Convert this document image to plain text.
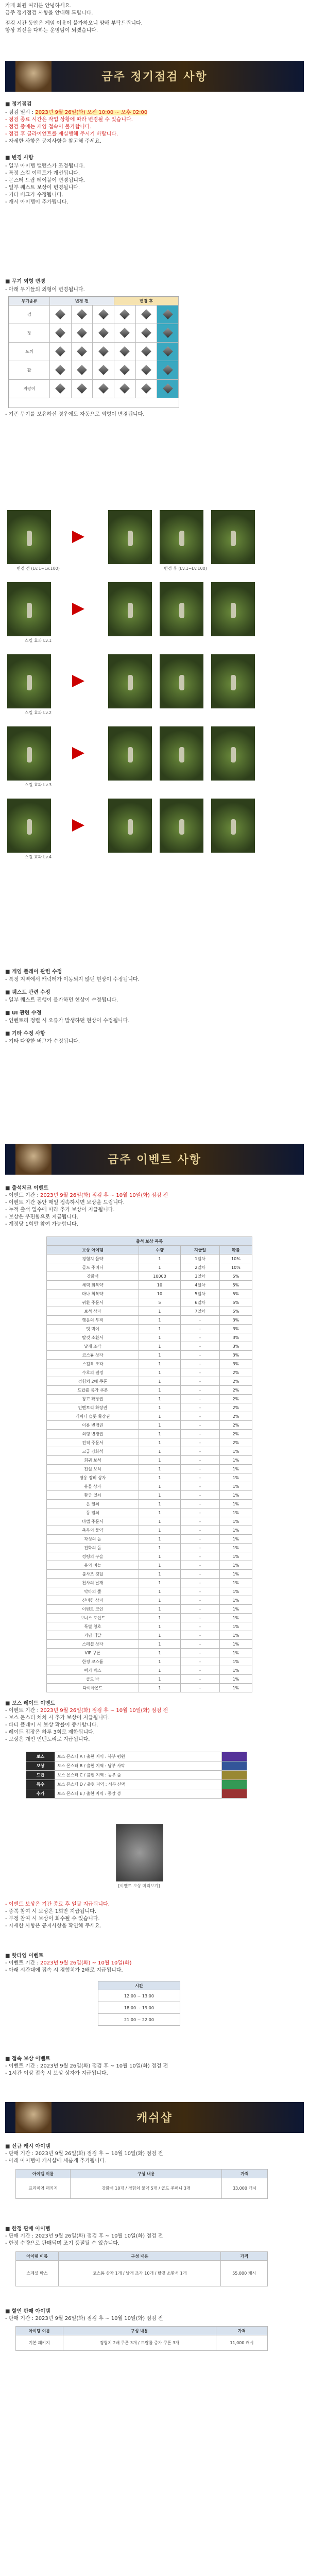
카페 회원 여러분 안녕하세요.
금주 정기점검 사항을 안내해 드립니다.
점검 시간 동안은 게임 이용이 불가하오니 양해 부탁드립니다.
항상 최선을 다하는 운영팀이 되겠습니다.
금주 정기점검 사항
■ 정기점검
- 점검 일시 : 2023년 9월 26일(화) 오전 10:00 ~ 오후 02:00
- 점검 종료 시간은 작업 상황에 따라 변경될 수 있습니다.
- 점검 중에는 게임 접속이 불가합니다.
- 점검 후 클라이언트를 재실행해 주시기 바랍니다.
- 자세한 사항은 공지사항을 참고해 주세요.
■ 변경 사항
- 일부 아이템 밸런스가 조정됩니다.
- 특정 스킬 이펙트가 개선됩니다.
- 몬스터 드랍 테이블이 변경됩니다.
- 일부 퀘스트 보상이 변경됩니다.
- 기타 버그가 수정됩니다.
- 캐시 아이템이 추가됩니다.
■ 무기 외형 변경
- 아래 무기들의 외형이 변경됩니다.
무기종류	변경 전			변경 후		
검						
창						
도끼						
활						
지팡이						
- 기존 무기를 보유하신 경우에도 자동으로 외형이 변경됩니다.
변경 전 (Lv.1~Lv.100)	변경 후 (Lv.1~Lv.100)
스킬 효과 Lv.1
스킬 효과 Lv.2
스킬 효과 Lv.3
스킬 효과 Lv.4
■ 게임 플레이 관련 수정
- 특정 지역에서 캐릭터가 이동되지 않던 현상이 수정됩니다.
■ 퀘스트 관련 수정
- 일부 퀘스트 진행이 불가하던 현상이 수정됩니다.
■ UI 관련 수정
- 인벤토리 정렬 시 오류가 발생하던 현상이 수정됩니다.
■ 기타 수정 사항
- 기타 다양한 버그가 수정됩니다.
금주 이벤트 사항
■ 출석체크 이벤트
- 이벤트 기간 : 2023년 9월 26일(화) 점검 후 ~ 10월 10일(화) 점검 전
- 이벤트 기간 동안 매일 접속하시면 보상을 드립니다.
- 누적 출석 일수에 따라 추가 보상이 지급됩니다.
- 보상은 우편함으로 지급됩니다.
- 계정당 1회만 참여 가능합니다.
출석 보상 목록			
보상 아이템	수량	지급일	확률
경험치 물약	1	1일차	10%
골드 주머니	1	2일차	10%
강화석	10000	3일차	5%
체력 회복약	10	4일차	5%
마나 회복약	10	5일차	5%
귀환 주문서	5	6일차	5%
보석 상자	1	7일차	5%
행운의 부적	1	-	3%
펫 먹이	1	-	3%
탈것 소환서	1	-	3%
날개 조각	1	-	3%
코스튬 상자	1	-	3%
스킬북 조각	1	-	3%
수호의 결정	1	-	2%
경험치 2배 쿠폰	1	-	2%
드랍률 증가 쿠폰	1	-	2%
창고 확장권	1	-	2%
인벤토리 확장권	1	-	2%
캐릭터 슬롯 확장권	1	-	2%
이름 변경권	1	-	2%
외형 변경권	1	-	2%
전직 주문서	1	-	2%
고급 강화석	1	-	1%
희귀 보석	1	-	1%
전설 보석	1	-	1%
영웅 장비 상자	1	-	1%
유물 상자	1	-	1%
황금 열쇠	1	-	1%
은 열쇠	1	-	1%
동 열쇠	1	-	1%
마법 주문서	1	-	1%
축복의 물약	1	-	1%
각성의 돌	1	-	1%
진화의 돌	1	-	1%
정령의 구슬	1	-	1%
용의 비늘	1	-	1%
불사조 깃털	1	-	1%
천사의 날개	1	-	1%
악마의 뿔	1	-	1%
신비한 상자	1	-	1%
이벤트 코인	1	-	1%
보너스 포인트	1	-	1%
특별 칭호	1	-	1%
기념 메달	1	-	1%
스페셜 상자	1	-	1%
VIP 쿠폰	1	-	1%
한정 코스튬	1	-	1%
럭키 박스	1	-	1%
골드 바	1	-	1%
다이아몬드	1	-	1%
■ 보스 레이드 이벤트
- 이벤트 기간 : 2023년 9월 26일(화) 점검 후 ~ 10월 10일(화) 점검 전
- 보스 몬스터 처치 시 추가 보상이 지급됩니다.
- 파티 플레이 시 보상 확률이 증가합니다.
- 레이드 입장은 하루 3회로 제한됩니다.
- 보상은 개인 인벤토리로 지급됩니다.
보스	보스 몬스터 A / 출현 지역 : 북부 평원	
보상	보스 몬스터 B / 출현 지역 : 남부 사막	
드랍	보스 몬스터 C / 출현 지역 : 동부 숲	
특수	보스 몬스터 D / 출현 지역 : 서부 산맥	
추가	보스 몬스터 E / 출현 지역 : 중앙 성	
[이벤트 보상 미리보기]
- 이벤트 보상은 기간 종료 후 일괄 지급됩니다.
- 중복 참여 시 보상은 1회만 지급됩니다.
- 부정 참여 시 보상이 회수될 수 있습니다.
- 자세한 사항은 공지사항을 확인해 주세요.
■ 핫타임 이벤트
- 이벤트 기간 : 2023년 9월 26일(화) ~ 10월 10일(화)
- 아래 시간대에 접속 시 경험치가 2배로 지급됩니다.
시간
12:00 ~ 13:00
18:00 ~ 19:00
21:00 ~ 22:00
■ 접속 보상 이벤트
- 이벤트 기간 : 2023년 9월 26일(화) 점검 후 ~ 10월 10일(화) 점검 전
- 1시간 이상 접속 시 보상 상자가 지급됩니다.
캐쉬샵
■ 신규 캐시 아이템
- 판매 기간 : 2023년 9월 26일(화) 점검 후 ~ 10월 10일(화) 점검 전
- 아래 아이템이 캐시샵에 새롭게 추가됩니다.
아이템 이름	구성 내용	가격
프리미엄 패키지	강화석 10개 / 경험치 물약 5개 / 골드 주머니 3개	33,000 캐시
■ 한정 판매 아이템
- 판매 기간 : 2023년 9월 26일(화) 점검 후 ~ 10월 10일(화) 점검 전
- 한정 수량으로 판매되며 조기 품절될 수 있습니다.
아이템 이름	구성 내용	가격
스페셜 박스	코스튬 상자 1개 / 날개 조각 10개 / 탈것 소환서 1개	55,000 캐시
■ 할인 판매 아이템
- 판매 기간 : 2023년 9월 26일(화) 점검 후 ~ 10월 10일(화) 점검 전
아이템 이름	구성 내용	가격
기본 패키지	경험치 2배 쿠폰 3개 / 드랍률 증가 쿠폰 3개	11,000 캐시
